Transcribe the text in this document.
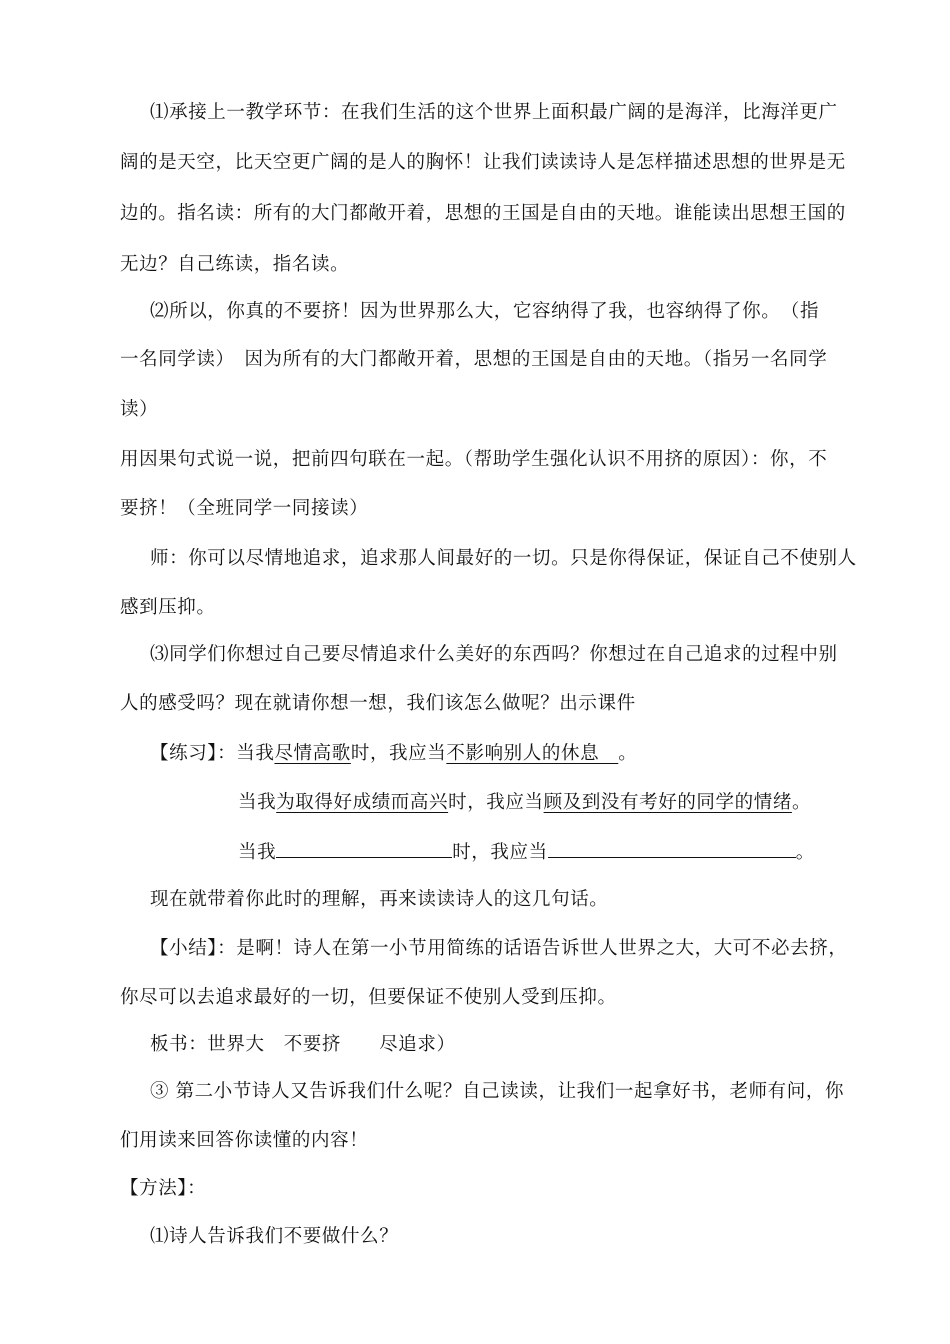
⑴承接上一教学环节：在我们生活的这个世界上面积最广阔的是海洋，比海洋更广
阔的是天空，比天空更广阔的是人的胸怀！让我们读读诗人是怎样描述思想的世界是无
边的。指名读：所有的大门都敞开着，思想的王国是自由的天地。谁能读出思想王国的
无边？自己练读，指名读。
⑵所以，你真的不要挤！因为世界那么大，它容纳得了我，也容纳得了你。　（指
一名同学读）　因为所有的大门都敞开着，思想的王国是自由的天地。（指另一名同学
读）
用因果句式说一说，把前四句联在一起。（帮助学生强化认识不用挤的原因）：你，不
要挤！（全班同学一同接读）
师：你可以尽情地追求，追求那人间最好的一切。只是你得保证，保证自己不使别人
感到压抑。
⑶同学们你想过自己要尽情追求什么美好的东西吗？你想过在自己追求的过程中别
人的感受吗？现在就请你想一想，我们该怎么做呢？出示课件
【练习】：当我尽情高歌时，我应当不影响别人的休息　。
当我为取得好成绩而高兴时，我应当顾及到没有考好的同学的情绪。
当我	时，我应当	。
现在就带着你此时的理解，再来读读诗人的这几句话。
【小结】：是啊！诗人在第一小节用简练的话语告诉世人世界之大，大可不必去挤，
你尽可以去追求最好的一切，但要保证不使别人受到压抑。
板书：世界大　不要挤　　尽追求）
③ 第二小节诗人又告诉我们什么呢？自己读读，让我们一起拿好书，老师有问，你
们用读来回答你读懂的内容！
【方法】：
⑴诗人告诉我们不要做什么？
